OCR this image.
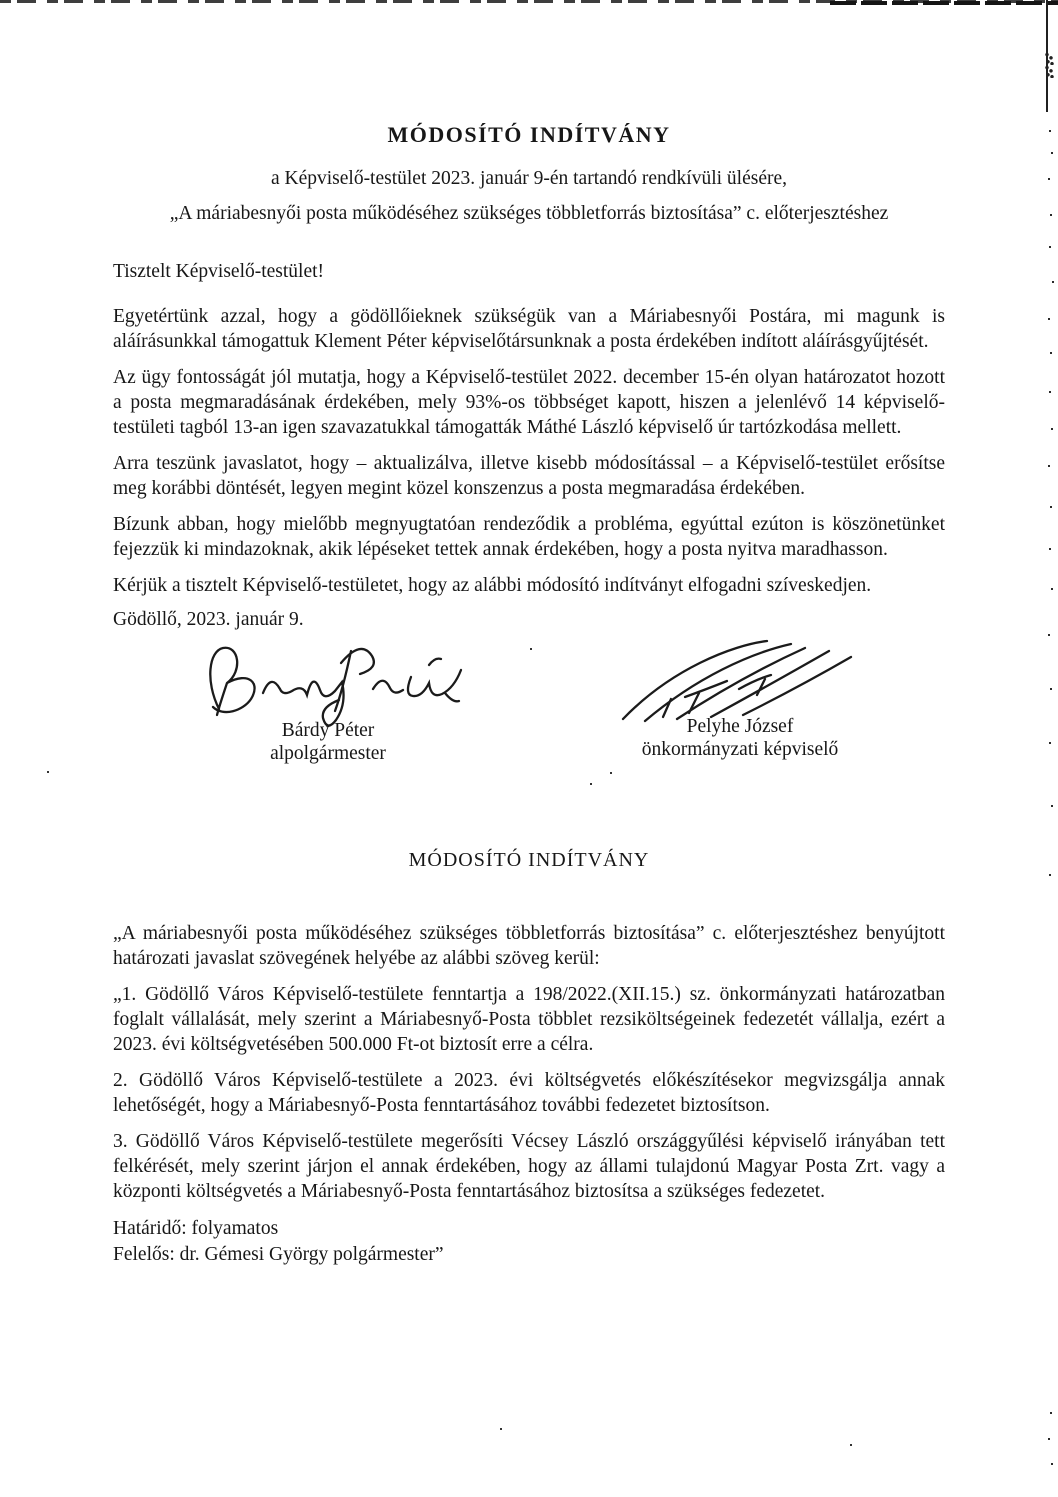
MÓDOSÍTÓ INDÍTVÁNY

a Képviselő-testület 2023. január 9-én tartandó rendkívüli ülésére,

„A máriabesnyői posta működéséhez szükséges többletforrás biztosítása” c. előterjesztéshez

Tisztelt Képviselő-testület!

Egyetértünk azzal, hogy a gödöllőieknek szükségük van a Máriabesnyői Postára, mi magunk is aláírásunkkal támogattuk Klement Péter képviselőtársunknak a posta érdekében indított aláírásgyűjtését.

Az ügy fontosságát jól mutatja, hogy a Képviselő-testület 2022. december 15-én olyan határozatot hozott a posta megmaradásának érdekében, mely 93%-os többséget kapott, hiszen a jelenlévő 14 képviselő-testületi tagból 13-an igen szavazatukkal támogatták Máthé László képviselő úr tartózkodása mellett.

Arra teszünk javaslatot, hogy – aktualizálva, illetve kisebb módosítással – a Képviselő-testület erősítse meg korábbi döntését, legyen megint közel konszenzus a posta megmaradása érdekében.

Bízunk abban, hogy mielőbb megnyugtatóan rendeződik a probléma, egyúttal ezúton is köszönetünket fejezzük ki mindazoknak, akik lépéseket tettek annak érdekében, hogy a posta nyitva maradhasson.

Kérjük a tisztelt Képviselő-testületet, hogy az alábbi módosító indítványt elfogadni szíveskedjen.

Gödöllő, 2023. január 9.

Bárdy Péter
alpolgármester
Pelyhe József
önkormányzati képviselő
MÓDOSÍTÓ INDÍTVÁNY

„A máriabesnyői posta működéséhez szükséges többletforrás biztosítása” c. előterjesztéshez benyújtott határozati javaslat szövegének helyébe az alábbi szöveg kerül:

„1. Gödöllő Város Képviselő-testülete fenntartja a 198/2022.(XII.15.) sz. önkormányzati határozatban foglalt vállalását, mely szerint a Máriabesnyő-Posta többlet rezsiköltségeinek fedezetét vállalja, ezért a 2023. évi költségvetésében 500.000 Ft-ot biztosít erre a célra.

2. Gödöllő Város Képviselő-testülete a 2023. évi költségvetés előkészítésekor megvizsgálja annak lehetőségét, hogy a Máriabesnyő-Posta fenntartásához további fedezetet biztosítson.

3. Gödöllő Város Képviselő-testülete megerősíti Vécsey László országgyűlési képviselő irányában tett felkérését, mely szerint járjon el annak érdekében, hogy az állami tulajdonú Magyar Posta Zrt. vagy a központi költségvetés a Máriabesnyő-Posta fenntartásához biztosítsa a szükséges fedezetet.

Határidő: folyamatos

Felelős: dr. Gémesi György polgármester”
